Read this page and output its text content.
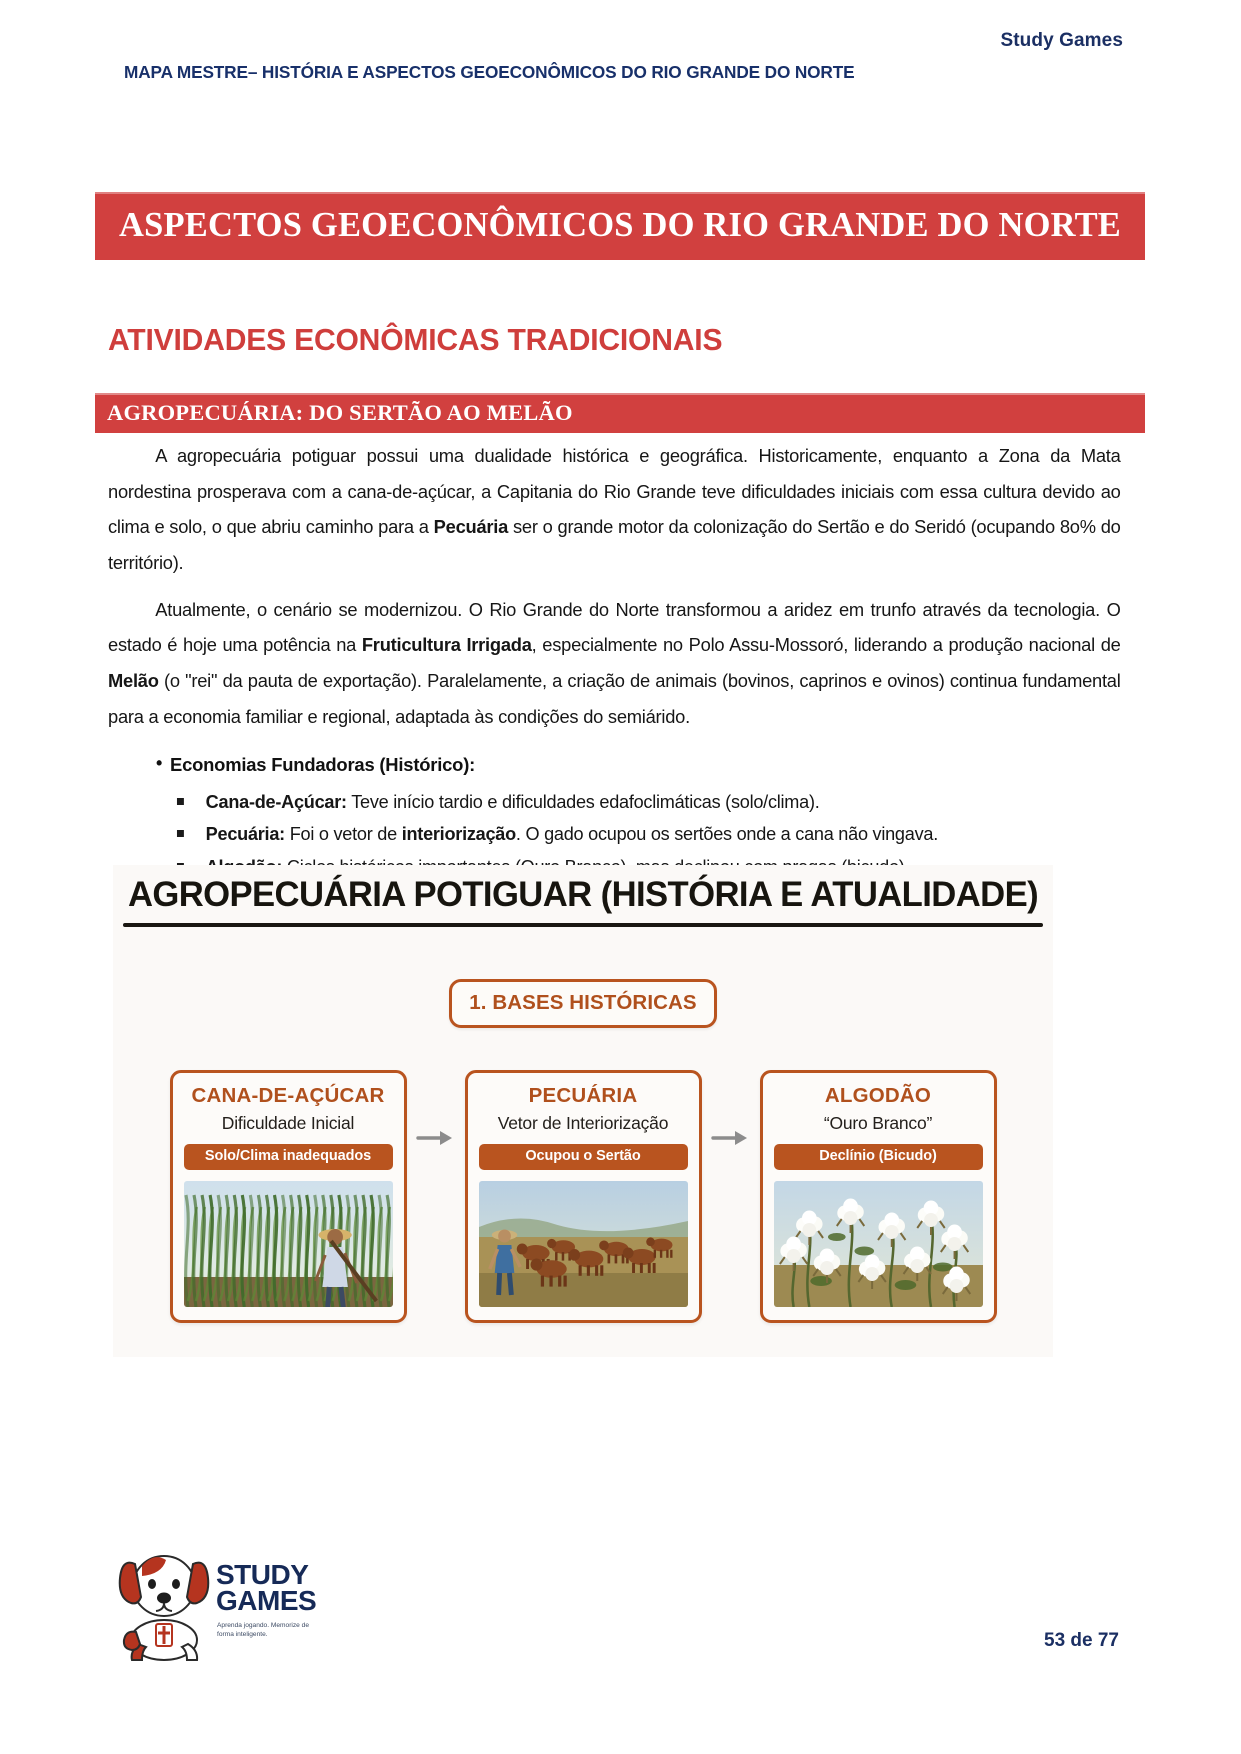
Study Games
MAPA MESTRE– HISTÓRIA E ASPECTOS GEOECONÔMICOS DO RIO GRANDE DO NORTE
ASPECTOS GEOECONÔMICOS DO RIO GRANDE DO NORTE
ATIVIDADES ECONÔMICAS TRADICIONAIS
AGROPECUÁRIA: DO SERTÃO AO MELÃO

A agropecuária potiguar possui uma dualidade histórica e geográfica. Historicamente, enquanto a Zona da Mata nordestina prosperava com a cana-de-açúcar, a Capitania do Rio Grande teve dificuldades iniciais com essa cultura devido ao clima e solo, o que abriu caminho para a Pecuária ser o grande motor da colonização do Sertão e do Seridó (ocupando 8o% do território).

Atualmente, o cenário se modernizou. O Rio Grande do Norte transformou a aridez em trunfo através da tecnologia. O estado é hoje uma potência na Fruticultura Irrigada, especialmente no Polo Assu-Mossoró, liderando a produção nacional de Melão (o "rei" da pauta de exportação). Paralelamente, a criação de animais (bovinos, caprinos e ovinos) continua fundamental para a economia familiar e regional, adaptada às condições do semiárido.

• Economias Fundadoras (Histórico):
Cana-de-Açúcar: Teve início tardio e dificuldades edafoclimáticas (solo/clima).
Pecuária: Foi o vetor de interiorização. O gado ocupou os sertões onde a cana não vingava.
AGROPECUÁRIA POTIGUAR (HISTÓRIA E ATUALIDADE)
1. BASES HISTÓRICAS
CANA-DE-AÇÚCAR
Dificuldade Inicial
Solo/Clima inadequados
PECUÁRIA
Vetor de Interiorização
Ocupou o Sertão
ALGODÃO
“Ouro Branco”
Declínio (Bicudo)
STUDY
GAMES
Aprenda jogando. Memorize de forma inteligente.	53 de 77
